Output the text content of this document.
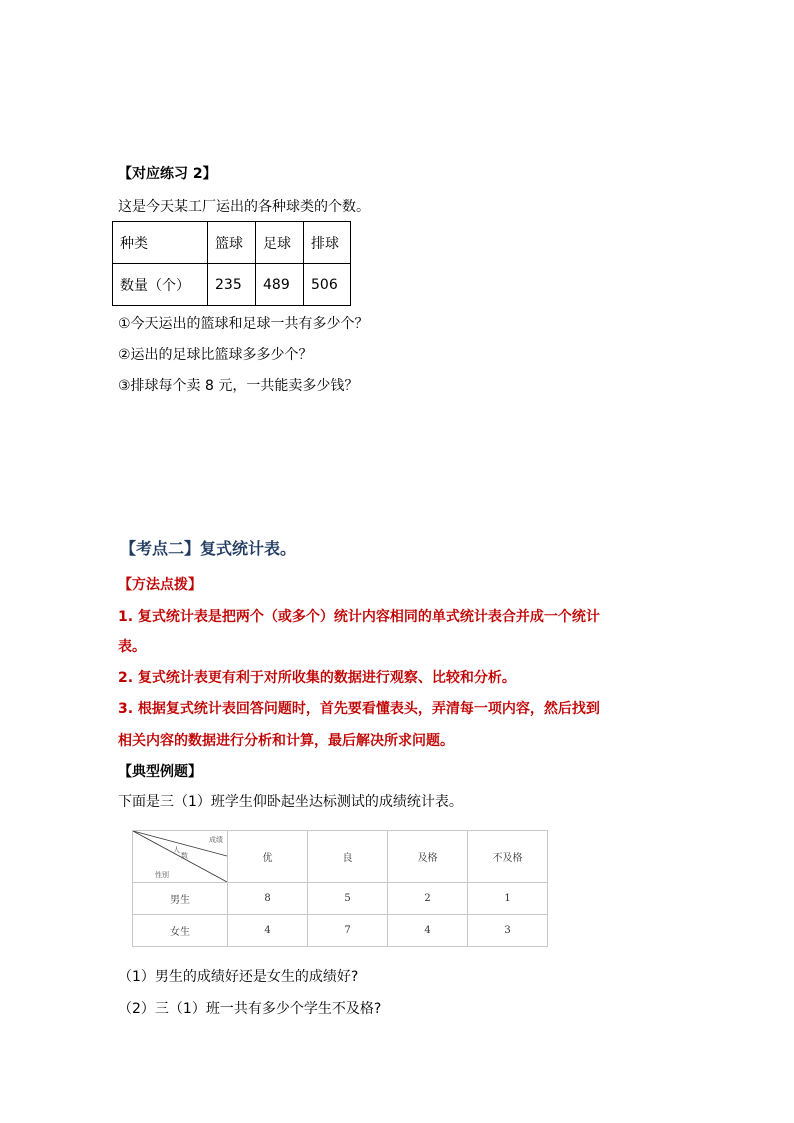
【对应练习 2】
这是今天某工厂运出的各种球类的个数。
种类	篮球	足球	排球
数量（个）	235	489	506
①今天运出的篮球和足球一共有多少个？
②运出的足球比篮球多多少个？
③排球每个卖 8 元，一共能卖多少钱？
【考点二】复式统计表。
【方法点拨】
1. 复式统计表是把两个（或多个）统计内容相同的单式统计表合并成一个统计
表。
2. 复式统计表更有利于对所收集的数据进行观察、比较和分析。
3. 根据复式统计表回答问题时，首先要看懂表头，弄清每一项内容，然后找到
相关内容的数据进行分析和计算，最后解决所求问题。
【典型例题】
下面是三（1）班学生仰卧起坐达标测试的成绩统计表。
成绩
人
数
性别	优	良	及格	不及格
男生	8	5	2	1
女生	4	7	4	3
（1）男生的成绩好还是女生的成绩好?
（2）三（1）班一共有多少个学生不及格?
